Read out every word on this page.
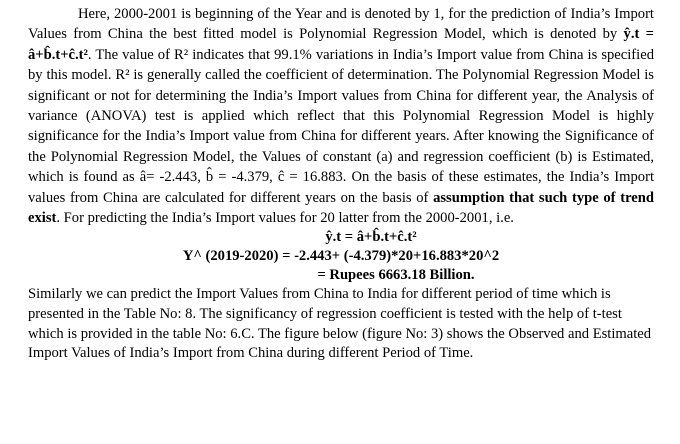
Here, 2000-2001 is beginning of the Year and is denoted by 1, for the prediction of India’s Import Values from China the best fitted model is Polynomial Regression Model, which is denoted by ŷ.t = â+b̂.t+ĉ.t². The value of R² indicates that 99.1% variations in India’s Import value from China is specified by this model. R² is generally called the coefficient of determination. The Polynomial Regression Model is significant or not for determining the India’s Import values from China for different year, the Analysis of variance (ANOVA) test is applied which reflect that this Polynomial Regression Model is highly significance for the India’s Import value from China for different years. After knowing the Significance of the Polynomial Regression Model, the Values of constant (a) and regression coefficient (b) is Estimated, which is found as â= -2.443, b̂ = -4.379, ĉ = 16.883. On the basis of these estimates, the India’s Import values from China are calculated for different years on the basis of assumption that such type of trend exist. For predicting the India’s Import values for 20 latter from the 2000-2001, i.e.

ŷ.t = â+b̂.t+ĉ.t²
Y^ (2019-2020) = -2.443+ (-4.379)*20+16.883*20^2
= Rupees 6663.18 Billion.

Similarly we can predict the Import Values from China to India for different period of time which is presented in the Table No: 8. The significancy of regression coefficient is tested with the help of t-test which is provided in the table No: 6.C. The figure below (figure No: 3) shows the Observed and Estimated Import Values of India’s Import from China during different Period of Time.
